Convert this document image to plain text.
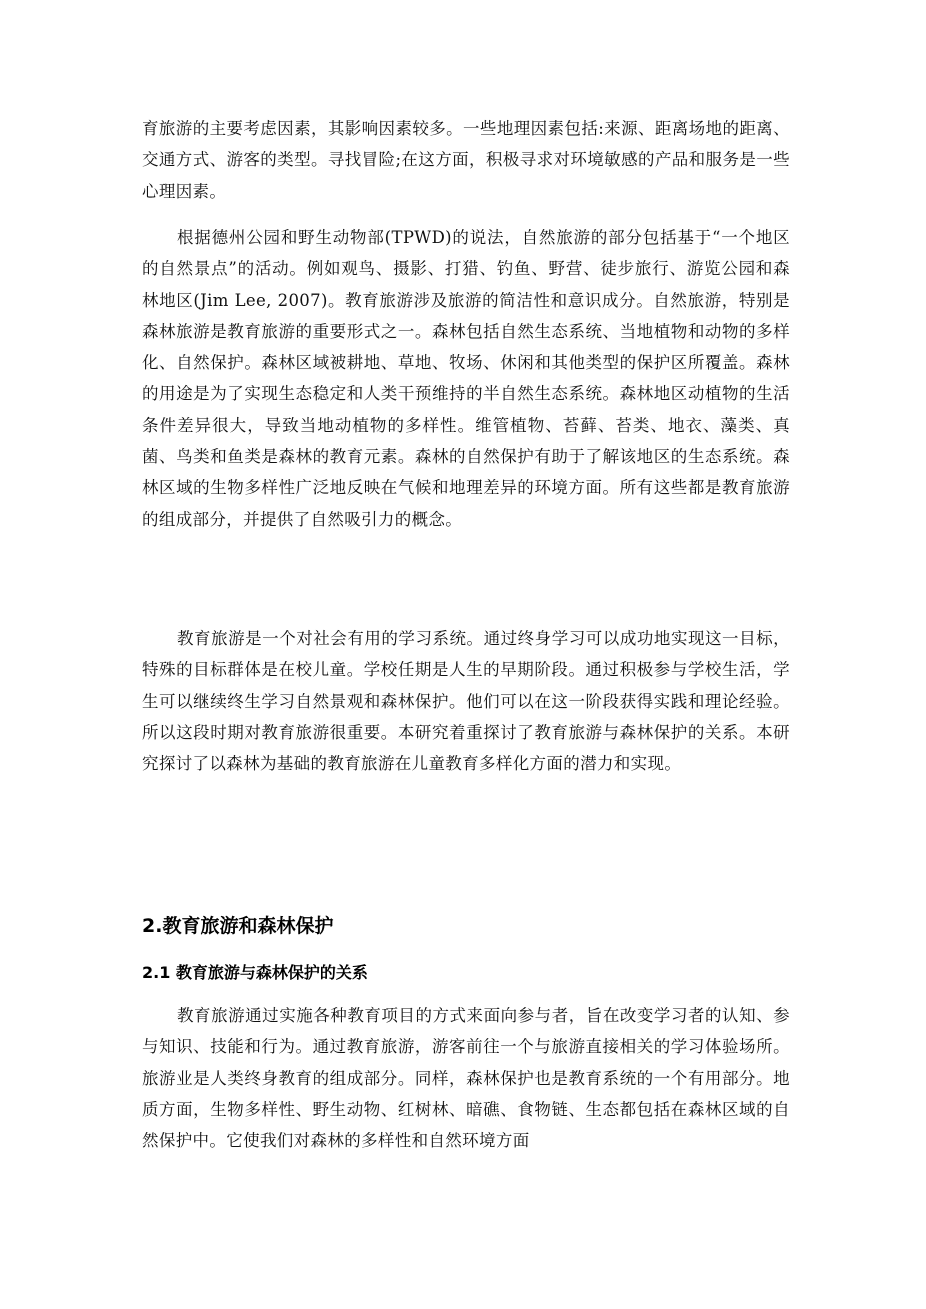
育旅游的主要考虑因素，其影响因素较多。一些地理因素包括:来源、距离场地的距离、交通方式、游客的类型。寻找冒险;在这方面，积极寻求对环境敏感的产品和服务是一些心理因素。

根据德州公园和野生动物部(TPWD)的说法，自然旅游的部分包括基于“一个地区的自然景点”的活动。例如观鸟、摄影、打猎、钓鱼、野营、徒步旅行、游览公园和森林地区(Jim Lee, 2007)。教育旅游涉及旅游的简洁性和意识成分。自然旅游，特别是森林旅游是教育旅游的重要形式之一。森林包括自然生态系统、当地植物和动物的多样化、自然保护。森林区域被耕地、草地、牧场、休闲和其他类型的保护区所覆盖。森林的用途是为了实现生态稳定和人类干预维持的半自然生态系统。森林地区动植物的生活条件差异很大，导致当地动植物的多样性。维管植物、苔藓、苔类、地衣、藻类、真菌、鸟类和鱼类是森林的教育元素。森林的自然保护有助于了解该地区的生态系统。森林区域的生物多样性广泛地反映在气候和地理差异的环境方面。所有这些都是教育旅游的组成部分，并提供了自然吸引力的概念。

教育旅游是一个对社会有用的学习系统。通过终身学习可以成功地实现这一目标，特殊的目标群体是在校儿童。学校任期是人生的早期阶段。通过积极参与学校生活，学生可以继续终生学习自然景观和森林保护。他们可以在这一阶段获得实践和理论经验。所以这段时期对教育旅游很重要。本研究着重探讨了教育旅游与森林保护的关系。本研究探讨了以森林为基础的教育旅游在儿童教育多样化方面的潜力和实现。

2.教育旅游和森林保护
2.1 教育旅游与森林保护的关系

教育旅游通过实施各种教育项目的方式来面向参与者，旨在改变学习者的认知、参与知识、技能和行为。通过教育旅游，游客前往一个与旅游直接相关的学习体验场所。旅游业是人类终身教育的组成部分。同样，森林保护也是教育系统的一个有用部分。地质方面，生物多样性、野生动物、红树林、暗礁、食物链、生态都包括在森林区域的自然保护中。它使我们对森林的多样性和自然环境方面
